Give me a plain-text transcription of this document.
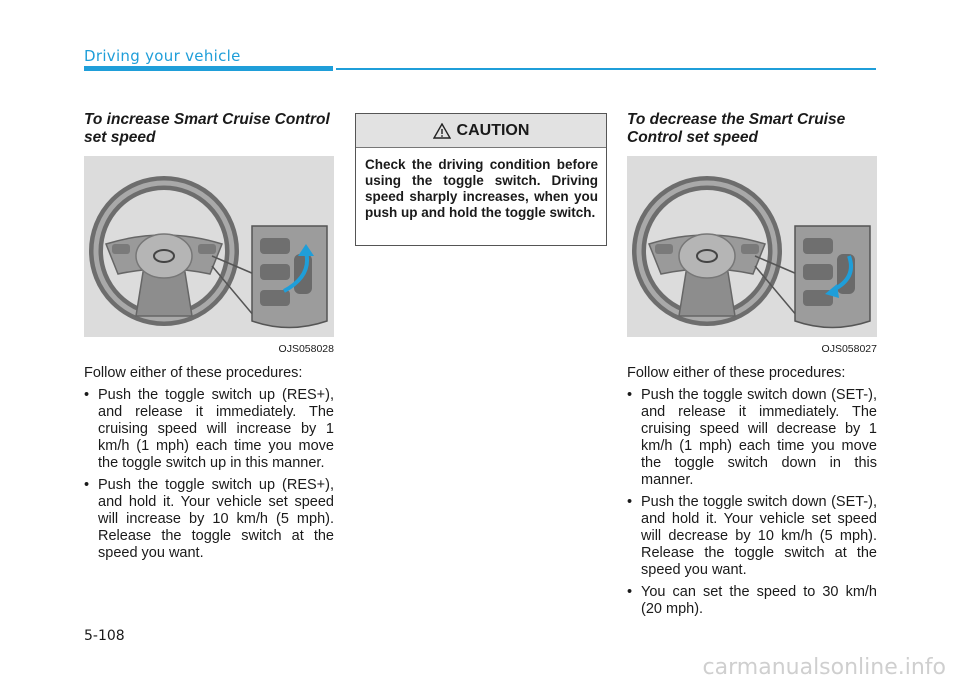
Driving your vehicle
To increase Smart Cruise Control set speed
OJS058028
Follow either of these procedures:
• Push the toggle switch up (RES+), and release it immediately. The cruising speed will increase by 1 km/h (1 mph) each time you move the toggle switch up in this manner.
• Push the toggle switch up (RES+), and hold it. Your vehicle set speed will increase by 10 km/h (5 mph). Release the toggle switch at the speed you want.
CAUTION
Check the driving condition before using the toggle switch. Driving speed sharply increases, when you push up and hold the toggle switch.
To decrease the Smart Cruise Control set speed
OJS058027
Follow either of these procedures:
• Push the toggle switch down (SET-), and release it immediately. The cruising speed will decrease by 1 km/h (1 mph) each time you move the toggle switch down in this manner.
• Push the toggle switch down (SET-), and hold it. Your vehicle set speed will decrease by 10 km/h (5 mph). Release the toggle switch at the speed you want.
• You can set the speed to 30 km/h (20 mph).
5-108
carmanualsonline.info
